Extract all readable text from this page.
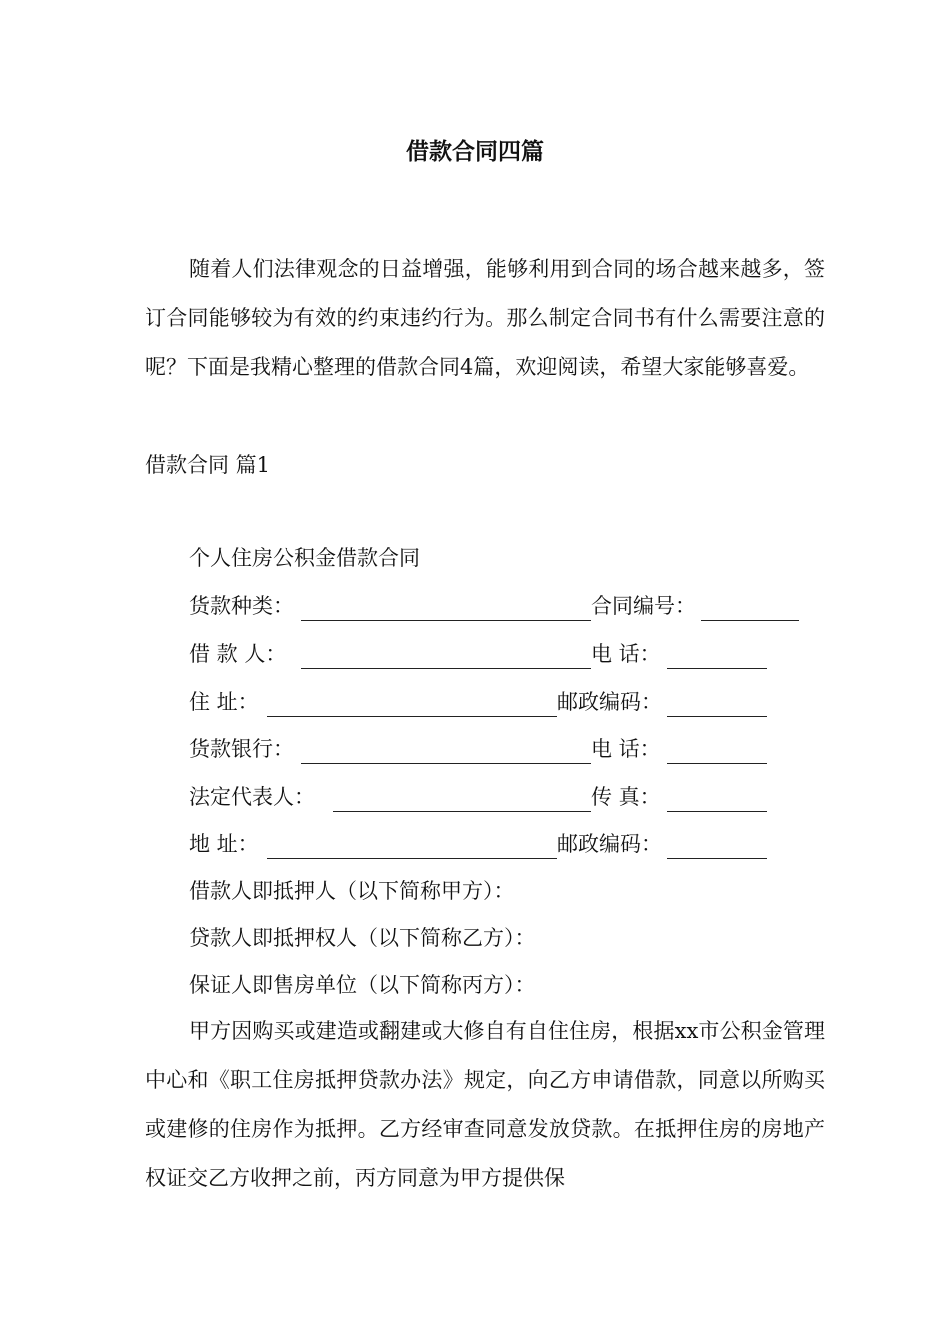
借款合同四篇

随着人们法律观念的日益增强，能够利用到合同的场合越来越多，签订合同能够较为有效的约束违约行为。那么制定合同书有什么需要注意的呢？下面是我精心整理的借款合同4篇，欢迎阅读，希望大家能够喜爱。

借款合同 篇1
个人住房公积金借款合同
货款种类：	合同编号：
借 款 人：	电 话：
住 址：	邮政编码：
货款银行：	电 话：
法定代表人：	传 真：
地 址：	邮政编码：
借款人即抵押人（以下简称甲方）：
贷款人即抵押权人（以下简称乙方）：
保证人即售房单位（以下简称丙方）：

甲方因购买或建造或翻建或大修自有自住住房，根据xx市公积金管理中心和《职工住房抵押贷款办法》规定，向乙方申请借款，同意以所购买或建修的住房作为抵押。乙方经审查同意发放贷款。在抵押住房的房地产权证交乙方收押之前，丙方同意为甲方提供保
